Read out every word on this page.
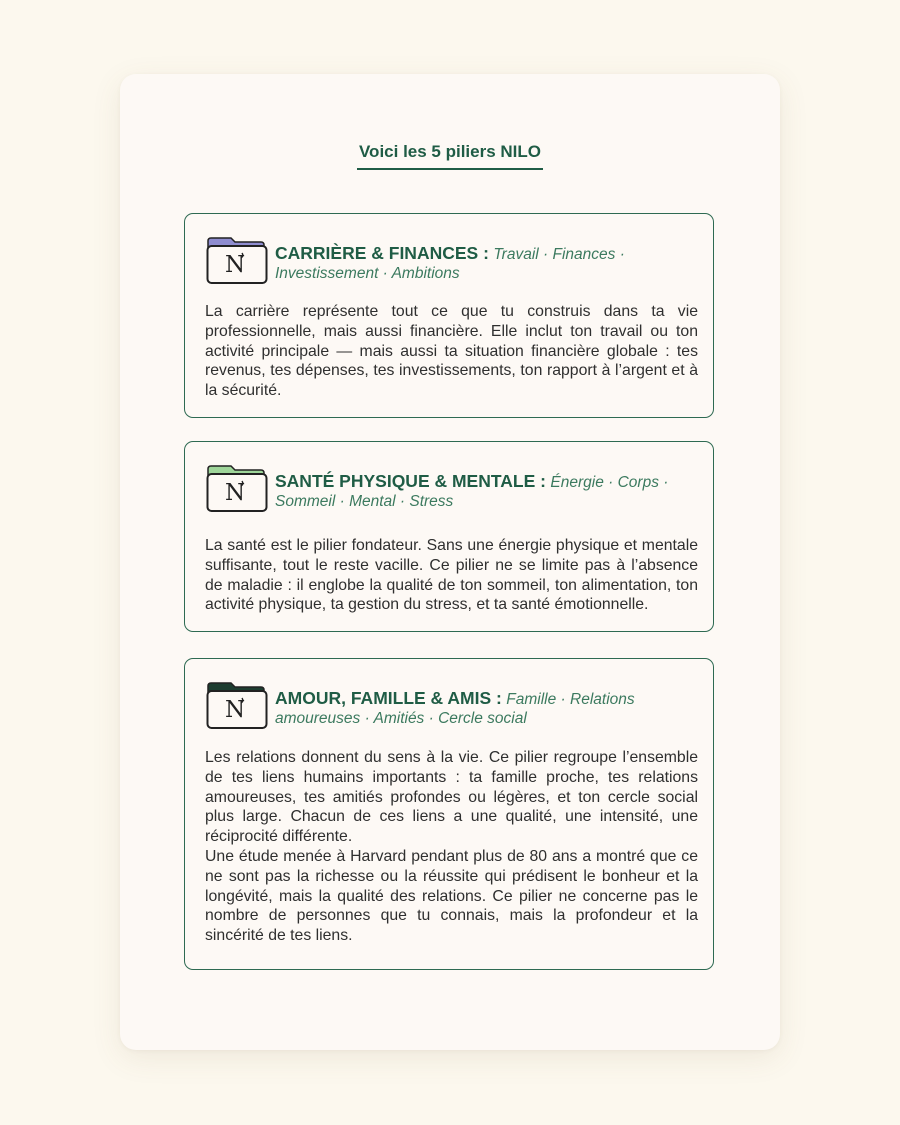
Voici les 5 piliers NILO
N CARRIÈRE & FINANCES : Travail · Finances · Investissement · Ambitions

La carrière représente tout ce que tu construis dans ta vie professionnelle, mais aussi financière. Elle inclut ton travail ou ton activité principale — mais aussi ta situation financière globale : tes revenus, tes dépenses, tes investissements, ton rapport à l’argent et à la sécurité.

N SANTÉ PHYSIQUE & MENTALE : Énergie · Corps · Sommeil · Mental · Stress

La santé est le pilier fondateur. Sans une énergie physique et mentale suffisante, tout le reste vacille. Ce pilier ne se limite pas à l’absence de maladie : il englobe la qualité de ton sommeil, ton alimentation, ton activité physique, ta gestion du stress, et ta santé émotionnelle.

N AMOUR, FAMILLE & AMIS : Famille · Relations amoureuses · Amitiés · Cercle social

Les relations donnent du sens à la vie. Ce pilier regroupe l’ensemble de tes liens humains importants : ta famille proche, tes relations amoureuses, tes amitiés profondes ou légères, et ton cercle social plus large. Chacun de ces liens a une qualité, une intensité, une réciprocité différente.

Une étude menée à Harvard pendant plus de 80 ans a montré que ce ne sont pas la richesse ou la réussite qui prédisent le bonheur et la longévité, mais la qualité des relations. Ce pilier ne concerne pas le nombre de personnes que tu connais, mais la profondeur et la sincérité de tes liens.
